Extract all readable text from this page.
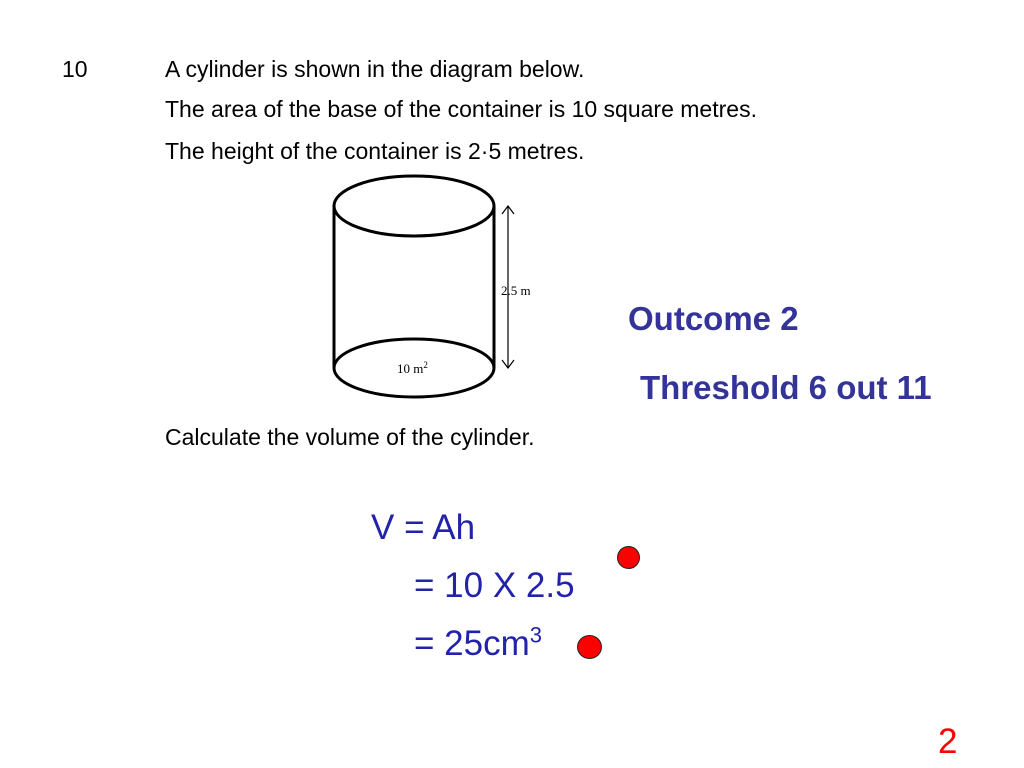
10	A cylinder is shown in the diagram below.
The area of the base of the container is 10 square metres.
The height of the container is 2·5 metres.
2.5 m
10 $m^2$
Calculate the volume of the cylinder.
Outcome 2
Threshold 6 out 11
V = Ah
= 10 X 2.5
= $25cm^3$
2
